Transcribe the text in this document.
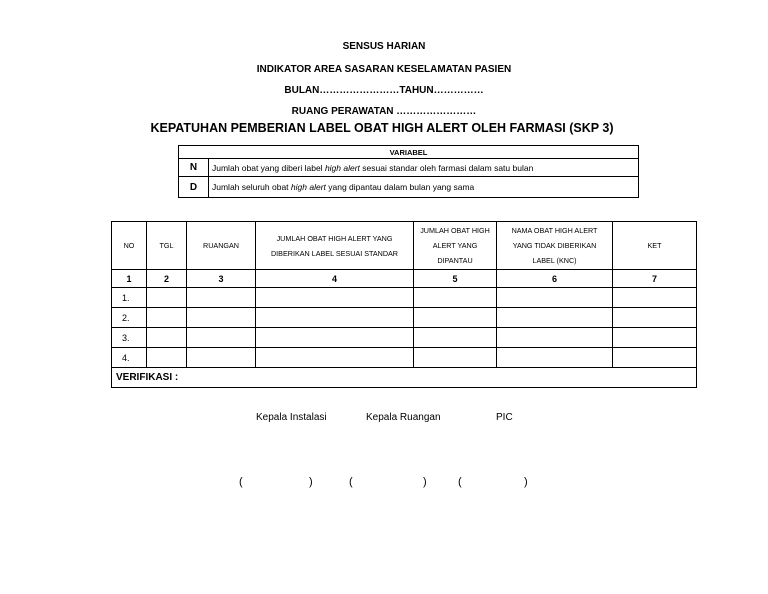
SENSUS HARIAN
INDIKATOR AREA SASARAN KESELAMATAN PASIEN
BULAN……………………TAHUN……………
RUANG PERAWATAN ……………………
KEPATUHAN PEMBERIAN LABEL OBAT HIGH ALERT OLEH FARMASI (SKP 3)
VARIABEL	
N	Jumlah obat yang diberi label high alert sesuai standar oleh farmasi dalam satu bulan
D	Jumlah seluruh obat high alert yang dipantau dalam bulan yang sama
NO	TGL	RUANGAN	JUMLAH OBAT HIGH ALERT YANG DIBERIKAN LABEL SESUAI STANDAR	JUMLAH OBAT HIGH ALERT YANG DIPANTAU	NAMA OBAT HIGH ALERT YANG TIDAK DIBERIKAN LABEL (KNC)	KET
1	2	3	4	5	6	7
1.						
2.						
3.						
4.						
VERIFIKASI :						
Kepala Instalasi	Kepala Ruangan	PIC
(	)	(	)	(	)
